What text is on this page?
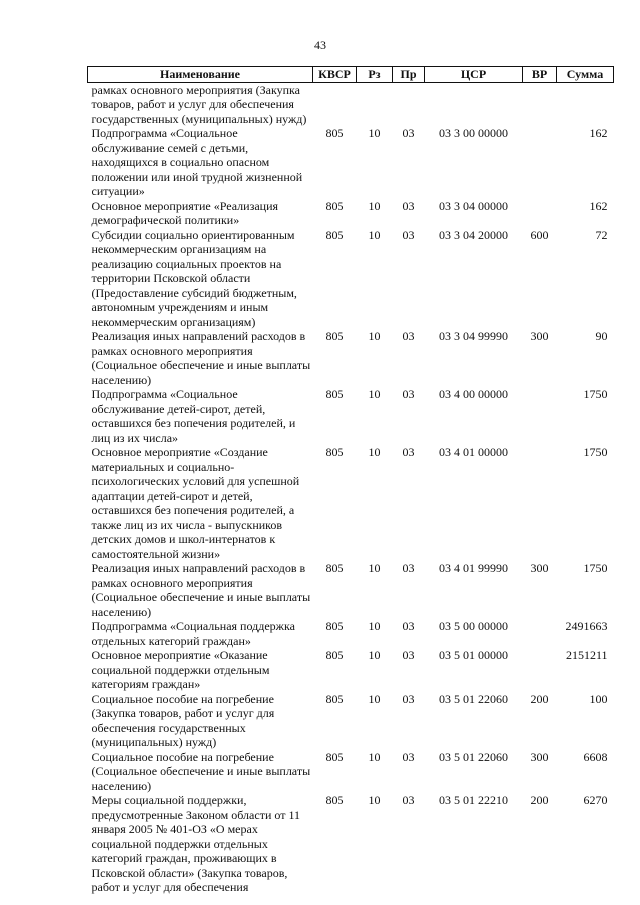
43
Наименование	КВСР	Рз	Пр	ЦСР	ВР	Сумма
рамках основного мероприятия (Закупка товаров, работ и услуг для обеспечения государственных (муниципальных) нужд)						
Подпрограмма «Социальное обслуживание семей с детьми, находящихся в социально опасном положении или иной трудной жизненной ситуации»	805	10	03	03 3 00 00000		162
Основное мероприятие «Реализация демографической политики»	805	10	03	03 3 04 00000		162
Субсидии социально ориентированным некоммерческим организациям на реализацию социальных проектов на территории Псковской области (Предоставление субсидий бюджетным, автономным учреждениям и иным некоммерческим организациям)	805	10	03	03 3 04 20000	600	72
Реализация иных направлений расходов в рамках основного мероприятия (Социальное обеспечение и иные выплаты населению)	805	10	03	03 3 04 99990	300	90
Подпрограмма «Социальное обслуживание детей-сирот, детей, оставшихся без попечения родителей, и лиц из их числа»	805	10	03	03 4 00 00000		1750
Основное мероприятие «Создание материальных и социально-психологических условий для успешной адаптации детей-сирот и детей, оставшихся без попечения родителей, а также лиц из их числа - выпускников детских домов и школ-интернатов к самостоятельной жизни»	805	10	03	03 4 01 00000		1750
Реализация иных направлений расходов в рамках основного мероприятия (Социальное обеспечение и иные выплаты населению)	805	10	03	03 4 01 99990	300	1750
Подпрограмма «Социальная поддержка отдельных категорий граждан»	805	10	03	03 5 00 00000		2491663
Основное мероприятие «Оказание социальной поддержки отдельным категориям граждан»	805	10	03	03 5 01 00000		2151211
Социальное пособие на погребение (Закупка товаров, работ и услуг для обеспечения государственных (муниципальных) нужд)	805	10	03	03 5 01 22060	200	100
Социальное пособие на погребение (Социальное обеспечение и иные выплаты населению)	805	10	03	03 5 01 22060	300	6608
Меры социальной поддержки, предусмотренные Законом области от 11 января 2005 № 401-ОЗ «О мерах социальной поддержки отдельных категорий граждан, проживающих в Псковской области» (Закупка товаров, работ и услуг для обеспечения	805	10	03	03 5 01 22210	200	6270
